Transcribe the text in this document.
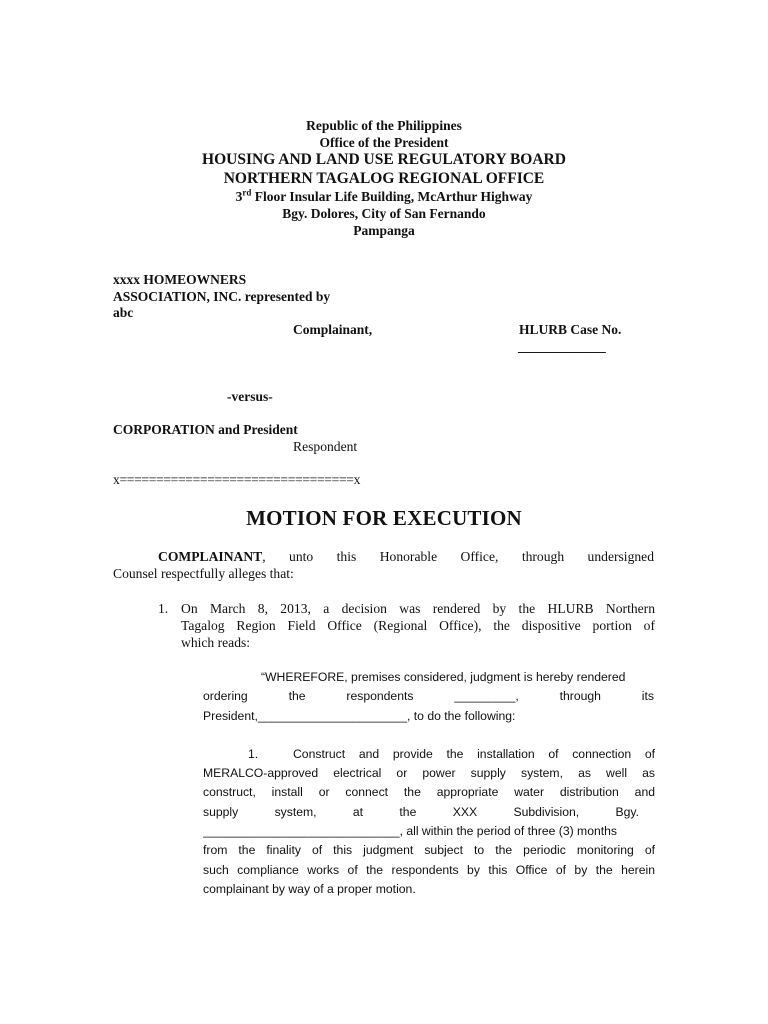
Republic of the Philippines
Office of the President
HOUSING AND LAND USE REGULATORY BOARD
NORTHERN TAGALOG REGIONAL OFFICE
3rd Floor Insular Life Building, McArthur Highway
Bgy. Dolores, City of San Fernando
Pampanga
xxxx HOMEOWNERS
ASSOCIATION, INC. represented by
abc
Complainant,	HLURB Case No.
_____________
-versus-
CORPORATION and President
Respondent
x================================x
MOTION FOR EXECUTION
COMPLAINANT, unto this Honorable Office, through undersigned
Counsel respectfully alleges that:
1. On March 8, 2013, a decision was rendered by the HLURB Northern
Tagalog Region Field Office (Regional Office), the dispositive portion of
which reads:
“WHEREFORE, premises considered, judgment is hereby rendered
ordering the respondents _________, through its
President,______________________, to do the following:
1.	Construct and provide the installation of connection of
MERALCO-approved electrical or power supply system, as well as
construct, install or connect the appropriate water distribution and
supply system, at the XXX Subdivision, Bgy.
_____________________________, all within the period of three (3) months
from the finality of this judgment subject to the periodic monitoring of
such compliance works of the respondents by this Office of by the herein
complainant by way of a proper motion.
